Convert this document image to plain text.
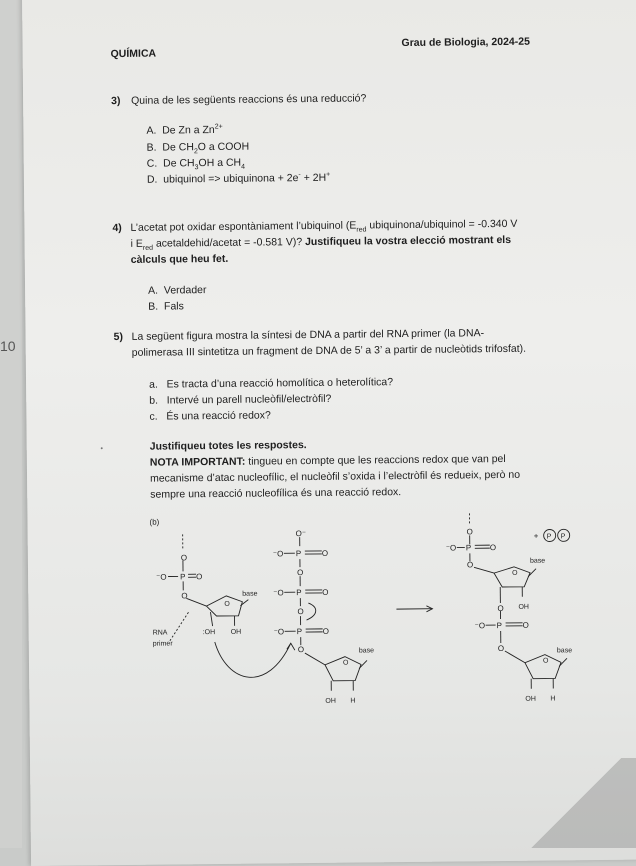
10
QUÍMICA
Grau de Biologia, 2024-25
3) Quina de les següents reaccions és una reducció?
A. De Zn a $Zn^{2+}$
B. De $CH_2O$ a COOH
C. De $CH_3OH$ a $CH_4$
D. ubiquinol => ubiquinona + 2e- + 2H+
4) L’acetat pot oxidar espontàniament l’ubiquinol ($E_{red}$ ubiquinona/ubiquinol = -0.340 V
i $E_{red}$ acetaldehid/acetat = -0.581 V)? Justifiqueu la vostra elecció mostrant els
càlculs que heu fet.
A. Verdader
B. Fals
5) La següent figura mostra la síntesi de DNA a partir del RNA primer (la DNA-
polimerasa III sintetitza un fragment de DNA de 5’ a 3’ a partir de nucleòtids trifosfat).
a. Es tracta d’una reacció homolítica o heterolítica?
b. Intervé un parell nucleòfil/electròfil?
c. És una reacció redox?
Justifiqueu totes les respostes.
NOTA IMPORTANT: tingueu en compte que les reaccions redox que van pel
mecanisme d’atac nucleofílic, el nucleòfil s’oxida i l’electròfil és redueix, però no
sempre una reacció nucleofílica és una reacció redox.
(b)
O
⁻O P O
O
O
base
RNA
primer
:OH OH
O⁻
⁻O P	O
O
⁻O P	O
O
⁻O P	O
O
O
base
OH H
O
⁻O P O
O
O
base
O OH
⁻O P	O
O
O
base
OH H
+ P P
